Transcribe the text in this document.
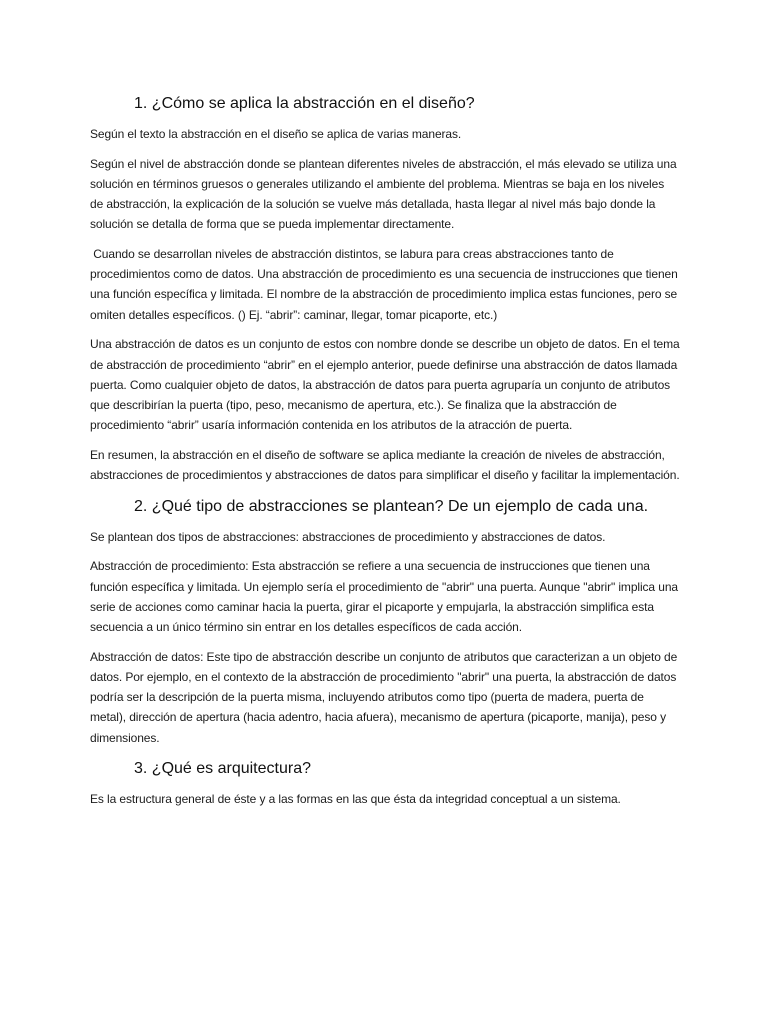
1. ¿Cómo se aplica la abstracción en el diseño?

Según el texto la abstracción en el diseño se aplica de varias maneras.

Según el nivel de abstracción donde se plantean diferentes niveles de abstracción, el más elevado se utiliza una solución en términos gruesos o generales utilizando el ambiente del problema. Mientras se baja en los niveles de abstracción, la explicación de la solución se vuelve más detallada, hasta llegar al nivel más bajo donde la solución se detalla de forma que se pueda implementar directamente.

Cuando se desarrollan niveles de abstracción distintos, se labura para creas abstracciones tanto de procedimientos como de datos. Una abstracción de procedimiento es una secuencia de instrucciones que tienen una función específica y limitada. El nombre de la abstracción de procedimiento implica estas funciones, pero se omiten detalles específicos. () Ej. “abrir”: caminar, llegar, tomar picaporte, etc.)

Una abstracción de datos es un conjunto de estos con nombre donde se describe un objeto de datos. En el tema de abstracción de procedimiento “abrir” en el ejemplo anterior, puede definirse una abstracción de datos llamada puerta. Como cualquier objeto de datos, la abstracción de datos para puerta agruparía un conjunto de atributos que describirían la puerta (tipo, peso, mecanismo de apertura, etc.). Se finaliza que la abstracción de procedimiento “abrir” usaría información contenida en los atributos de la atracción de puerta.

En resumen, la abstracción en el diseño de software se aplica mediante la creación de niveles de abstracción, abstracciones de procedimientos y abstracciones de datos para simplificar el diseño y facilitar la implementación.

2. ¿Qué tipo de abstracciones se plantean? De un ejemplo de cada una.

Se plantean dos tipos de abstracciones: abstracciones de procedimiento y abstracciones de datos.

Abstracción de procedimiento: Esta abstracción se refiere a una secuencia de instrucciones que tienen una función específica y limitada. Un ejemplo sería el procedimiento de "abrir" una puerta. Aunque "abrir" implica una serie de acciones como caminar hacia la puerta, girar el picaporte y empujarla, la abstracción simplifica esta secuencia a un único término sin entrar en los detalles específicos de cada acción.

Abstracción de datos: Este tipo de abstracción describe un conjunto de atributos que caracterizan a un objeto de datos. Por ejemplo, en el contexto de la abstracción de procedimiento "abrir" una puerta, la abstracción de datos podría ser la descripción de la puerta misma, incluyendo atributos como tipo (puerta de madera, puerta de metal), dirección de apertura (hacia adentro, hacia afuera), mecanismo de apertura (picaporte, manija), peso y dimensiones.

3. ¿Qué es arquitectura?

Es la estructura general de éste y a las formas en las que ésta da integridad conceptual a un sistema.
